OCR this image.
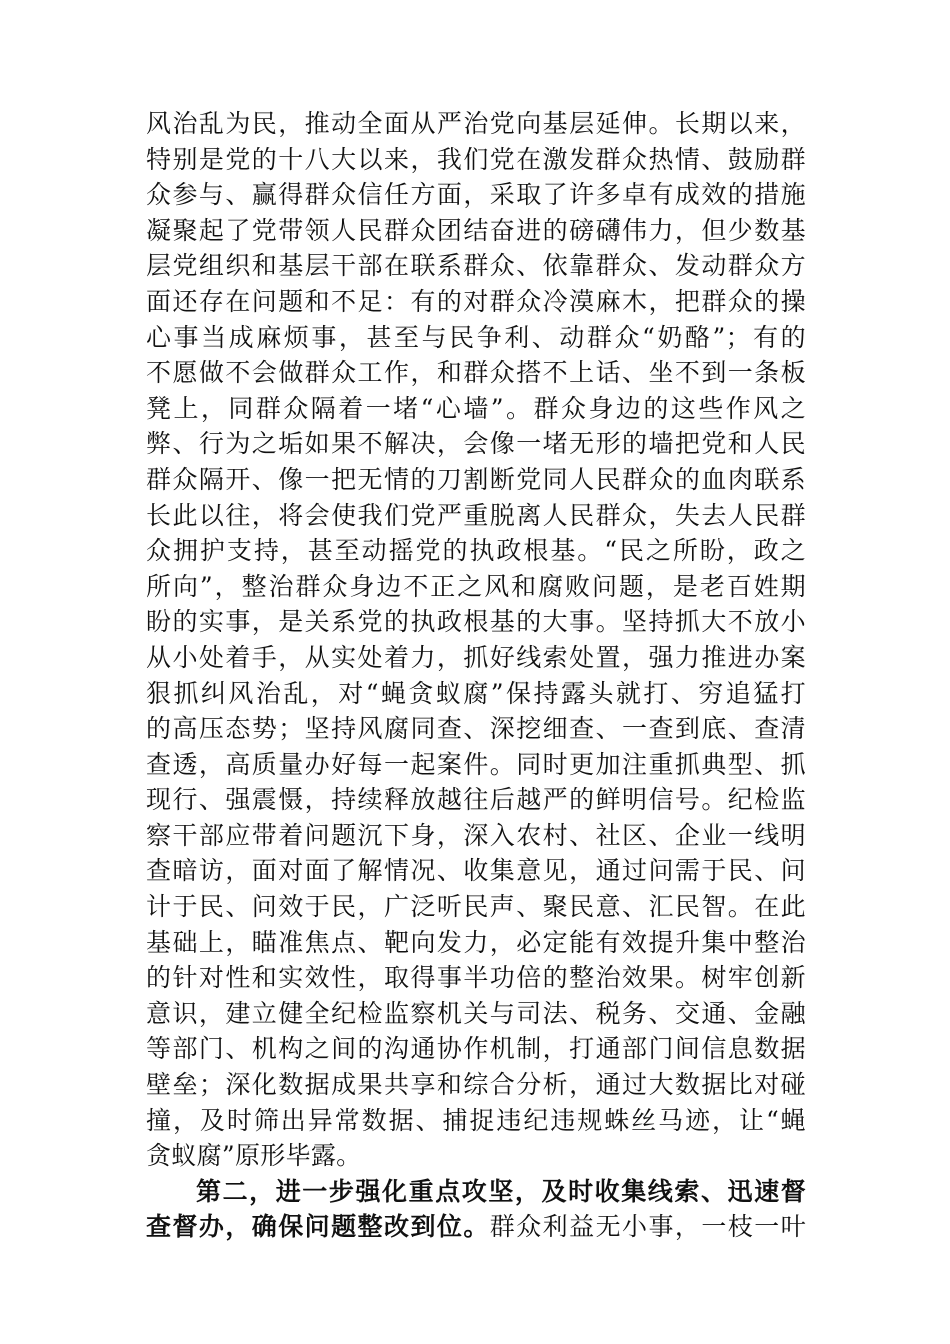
风治乱为民，推动全面从严治党向基层延伸。长期以来，
特别是党的十八大以来，我们党在激发群众热情、鼓励群
众参与、赢得群众信任方面，采取了许多卓有成效的措施
凝聚起了党带领人民群众团结奋进的磅礴伟力，但少数基
层党组织和基层干部在联系群众、依靠群众、发动群众方
面还存在问题和不足：有的对群众冷漠麻木，把群众的操
心事当成麻烦事，甚至与民争利、动群众“奶酪”；有的
不愿做不会做群众工作，和群众搭不上话、坐不到一条板
凳上，同群众隔着一堵“心墙”。群众身边的这些作风之
弊、行为之垢如果不解决，会像一堵无形的墙把党和人民
群众隔开、像一把无情的刀割断党同人民群众的血肉联系
长此以往，将会使我们党严重脱离人民群众，失去人民群
众拥护支持，甚至动摇党的执政根基。“民之所盼，政之
所向”，整治群众身边不正之风和腐败问题，是老百姓期
盼的实事，是关系党的执政根基的大事。坚持抓大不放小
从小处着手，从实处着力，抓好线索处置，强力推进办案
狠抓纠风治乱，对“蝇贪蚁腐”保持露头就打、穷追猛打
的高压态势；坚持风腐同查、深挖细查、一查到底、查清
查透，高质量办好每一起案件。同时更加注重抓典型、抓
现行、强震慑，持续释放越往后越严的鲜明信号。纪检监
察干部应带着问题沉下身，深入农村、社区、企业一线明
查暗访，面对面了解情况、收集意见，通过问需于民、问
计于民、问效于民，广泛听民声、聚民意、汇民智。在此
基础上，瞄准焦点、靶向发力，必定能有效提升集中整治
的针对性和实效性，取得事半功倍的整治效果。树牢创新
意识，建立健全纪检监察机关与司法、税务、交通、金融
等部门、机构之间的沟通协作机制，打通部门间信息数据
壁垒；深化数据成果共享和综合分析，通过大数据比对碰
撞，及时筛出异常数据、捕捉违纪违规蛛丝马迹，让“蝇
贪蚁腐”原形毕露。
第二，进一步强化重点攻坚，及时收集线索、迅速督
查督办，确保问题整改到位。群众利益无小事，一枝一叶
